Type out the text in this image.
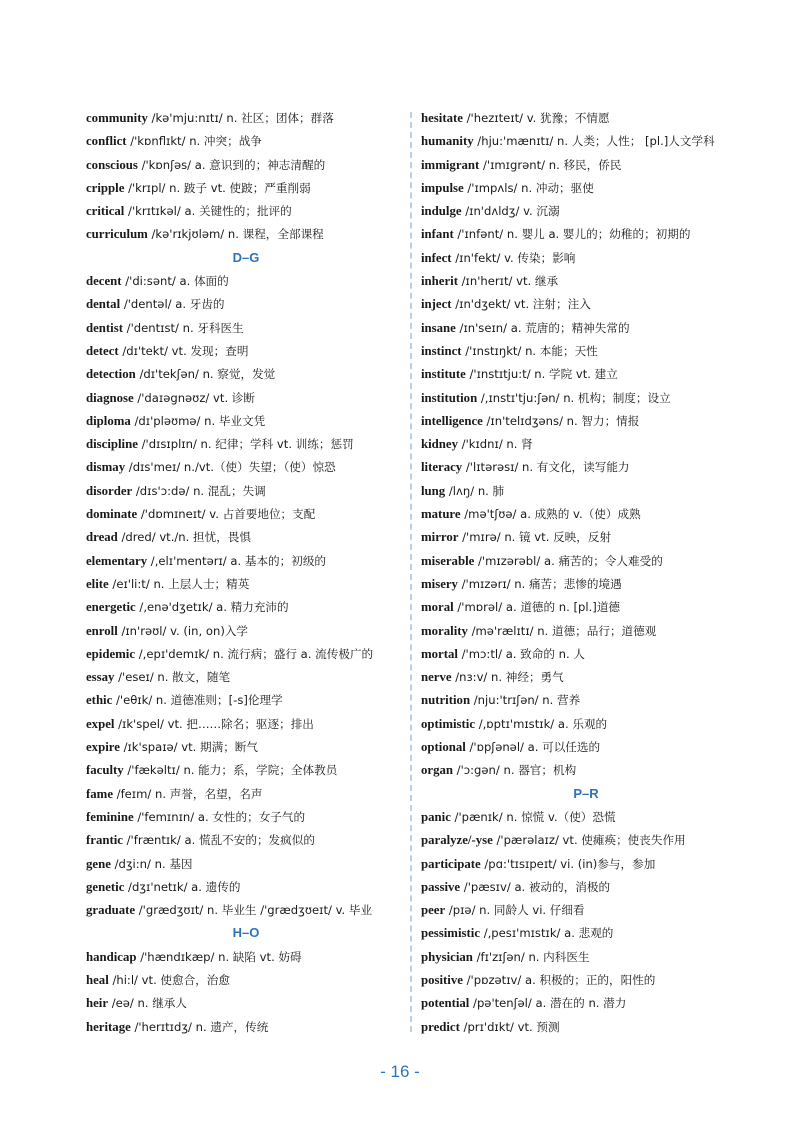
community /kə'mju:nɪtɪ/ n. 社区；团体；群落
conflict /'kɒnflɪkt/ n. 冲突；战争
conscious /'kɒnʃəs/ a. 意识到的；神志清醒的
cripple /'krɪpl/ n. 跛子 vt. 使跛；严重削弱
critical /'krɪtɪkəl/ a. 关键性的；批评的
curriculum /kə'rɪkjʊləm/ n. 课程，全部课程
D–G
decent /'di:sənt/ a. 体面的
dental /'dentəl/ a. 牙齿的
dentist /'dentɪst/ n. 牙科医生
detect /dɪ'tekt/ vt. 发现；查明
detection /dɪ'tekʃən/ n. 察觉，发觉
diagnose /'daɪəgnəʊz/ vt. 诊断
diploma /dɪ'pləʊmə/ n. 毕业文凭
discipline /'dɪsɪplɪn/ n. 纪律；学科 vt. 训练；惩罚
dismay /dɪs'meɪ/ n./vt.（使）失望；（使）惊恐
disorder /dɪs'ɔ:də/ n. 混乱；失调
dominate /'dɒmɪneɪt/ v. 占首要地位；支配
dread /dred/ vt./n. 担忧，畏惧
elementary /,elɪ'mentərɪ/ a. 基本的；初级的
elite /eɪ'li:t/ n. 上层人士；精英
energetic /,enə'dʒetɪk/ a. 精力充沛的
enroll /ɪn'rəʊl/ v. (in, on)入学
epidemic /,epɪ'demɪk/ n. 流行病；盛行 a. 流传极广的
essay /'eseɪ/ n. 散文，随笔
ethic /'eθɪk/ n. 道德准则；[-s]伦理学
expel /ɪk'spel/ vt. 把……除名；驱逐；排出
expire /ɪk'spaɪə/ vt. 期满；断气
faculty /'fækəltɪ/ n. 能力；系，学院；全体教员
fame /feɪm/ n. 声誉，名望，名声
feminine /'femɪnɪn/ a. 女性的；女子气的
frantic /'fræntɪk/ a. 慌乱不安的；发疯似的
gene /dʒi:n/ n. 基因
genetic /dʒɪ'netɪk/ a. 遗传的
graduate /'grædʒʊɪt/ n. 毕业生 /'grædʒʊeɪt/ v. 毕业
H–O
handicap /'hændɪkæp/ n. 缺陷 vt. 妨碍
heal /hi:l/ vt. 使愈合，治愈
heir /eə/ n. 继承人
heritage /'herɪtɪdʒ/ n. 遗产，传统
hesitate /'hezɪteɪt/ v. 犹豫；不情愿
humanity /hju:'mænɪtɪ/ n. 人类；人性； [pl.]人文学科
immigrant /'ɪmɪgrənt/ n. 移民，侨民
impulse /'ɪmpʌls/ n. 冲动；驱使
indulge /ɪn'dʌldʒ/ v. 沉溺
infant /'ɪnfənt/ n. 婴儿 a. 婴儿的；幼稚的；初期的
infect /ɪn'fekt/ v. 传染；影响
inherit /ɪn'herɪt/ vt. 继承
inject /ɪn'dʒekt/ vt. 注射；注入
insane /ɪn'seɪn/ a. 荒唐的；精神失常的
instinct /'ɪnstɪŋkt/ n. 本能；天性
institute /'ɪnstɪtju:t/ n. 学院 vt. 建立
institution /,ɪnstɪ'tju:ʃən/ n. 机构；制度；设立
intelligence /ɪn'telɪdʒəns/ n. 智力；情报
kidney /'kɪdnɪ/ n. 肾
literacy /'lɪtərəsɪ/ n. 有文化，读写能力
lung /lʌŋ/ n. 肺
mature /mə'tʃʊə/ a. 成熟的 v.（使）成熟
mirror /'mɪrə/ n. 镜 vt. 反映，反射
miserable /'mɪzərəbl/ a. 痛苦的；令人难受的
misery /'mɪzərɪ/ n. 痛苦；悲惨的境遇
moral /'mɒrəl/ a. 道德的 n. [pl.]道德
morality /mə'rælɪtɪ/ n. 道德；品行；道德观
mortal /'mɔ:tl/ a. 致命的 n. 人
nerve /nɜ:v/ n. 神经；勇气
nutrition /nju:'trɪʃən/ n. 营养
optimistic /,ɒptɪ'mɪstɪk/ a. 乐观的
optional /'ɒpʃənəl/ a. 可以任选的
organ /'ɔ:gən/ n. 器官；机构
P–R
panic /'pænɪk/ n. 惊慌 v.（使）恐慌
paralyze/-yse /'pærəlaɪz/ vt. 使瘫痪；使丧失作用
participate /pɑ:'tɪsɪpeɪt/ vi. (in)参与，参加
passive /'pæsɪv/ a. 被动的，消极的
peer /pɪə/ n. 同龄人 vi. 仔细看
pessimistic /,pesɪ'mɪstɪk/ a. 悲观的
physician /fɪ'zɪʃən/ n. 内科医生
positive /'pɒzətɪv/ a. 积极的；正的，阳性的
potential /pə'tenʃəl/ a. 潜在的 n. 潜力
predict /prɪ'dɪkt/ vt. 预测
- 16 -
